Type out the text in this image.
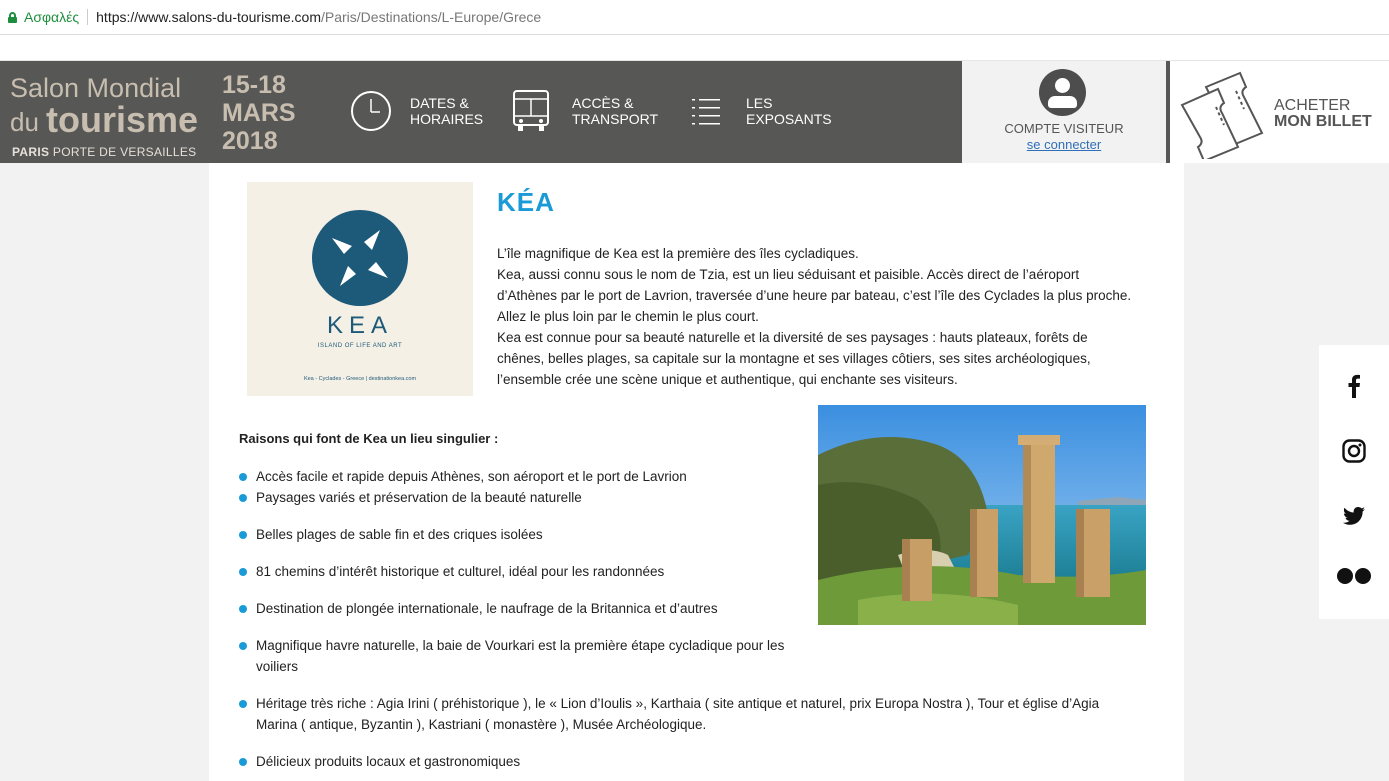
Ασφαλές https://www.salons-du-tourisme.com /Paris/Destinations/L-Europe/Grece
Salon Mondial
du tourisme
PARIS PORTE DE VERSAILLES
15-18
MARS
2018
DATES &
HORAIRES
ACCÈS &
TRANSPORT
LES
EXPOSANTS
COMPTE VISITEUR
se connecter
ACHETER
MON BILLET
KEA
ISLAND OF LIFE AND ART
Kea - Cyclades - Greece | destinationkea.com
KÉA

L’île magnifique de Kea est la première des îles cycladiques.

Kea, aussi connu sous le nom de Tzia, est un lieu séduisant et paisible. Accès direct de l’aéroport d’Athènes par le port de Lavrion, traversée d’une heure par bateau, c’est l’île des Cyclades la plus proche. Allez le plus loin par le chemin le plus court.

Kea est connue pour sa beauté naturelle et la diversité de ses paysages : hauts plateaux, forêts de chênes, belles plages, sa capitale sur la montagne et ses villages côtiers, ses sites archéologiques, l’ensemble crée une scène unique et authentique, qui enchante ses visiteurs.

Raisons qui font de Kea un lieu singulier :
Accès facile et rapide depuis Athènes, son aéroport et le port de Lavrion
Paysages variés et préservation de la beauté naturelle
Belles plages de sable fin et des criques isolées
81 chemins d’intérêt historique et culturel, idéal pour les randonnées
Destination de plongée internationale, le naufrage de la Britannica et d’autres
Magnifique havre naturelle, la baie de Vourkari est la première étape cycladique pour les voiliers
Héritage très riche : Agia Irini ( préhistorique ), le « Lion d’Ioulis », Karthaia ( site antique et naturel, prix Europa Nostra ), Tour et église d’Agia Marina ( antique, Byzantin ), Kastriani ( monastère ), Musée Archéologique.
Délicieux produits locaux et gastronomiques
